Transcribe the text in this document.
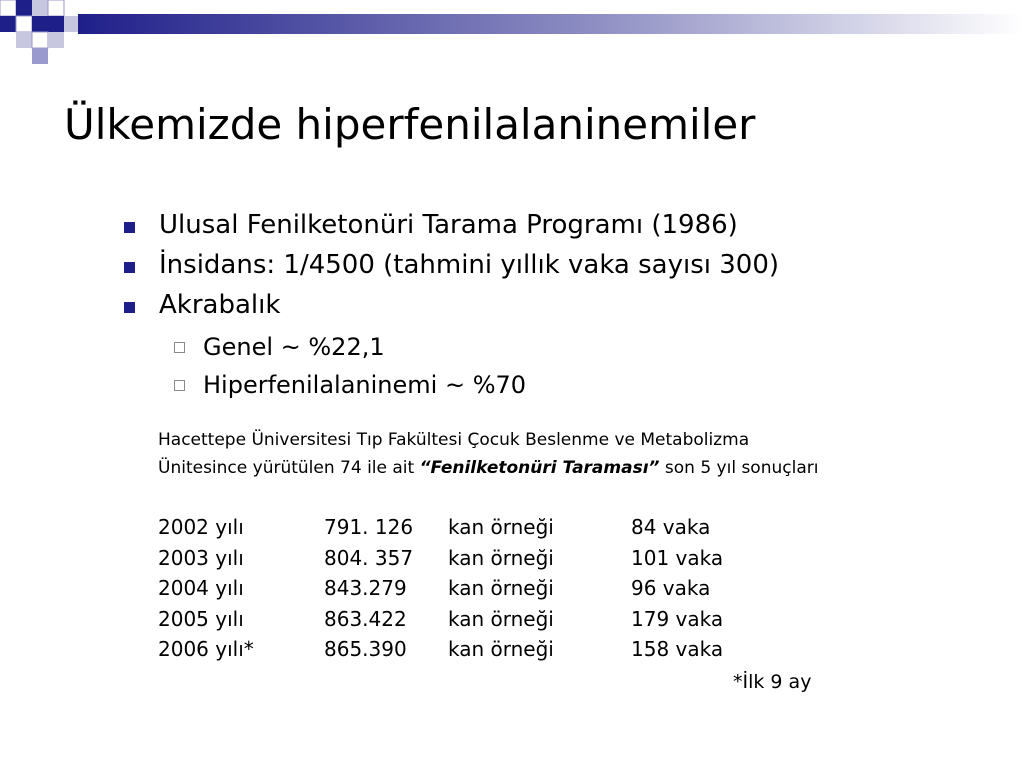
Ülkemizde hiperfenilalaninemiler
Ulusal Fenilketonüri Tarama Programı (1986)
İnsidans: 1/4500 (tahmini yıllık vaka sayısı 300)
Akrabalık
Genel ~ %22,1
Hiperfenilalaninemi ~ %70
Hacettepe Üniversitesi Tıp Fakültesi Çocuk Beslenme ve Metabolizma
Ünitesince yürütülen 74 ile ait “Fenilketonüri Taraması” son 5 yıl sonuçları
2002 yılı	791. 126 kan örneği	84 vaka
2003 yılı	804. 357 kan örneği	101 vaka
2004 yılı	843.279 kan örneği	96 vaka
2005 yılı	863.422 kan örneği	179 vaka
2006 yılı*	865.390 kan örneği	158 vaka
*İlk 9 ay
